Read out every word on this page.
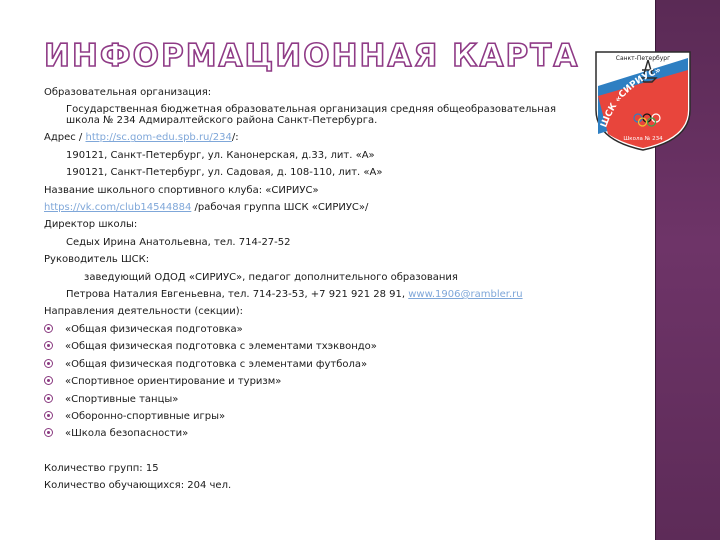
ИНФОРМАЦИОННАЯ КАРТА
Образовательная организация:
Государственная бюджетная образовательная организация средняя общеобразовательная
школа № 234 Адмиралтейского района Санкт-Петербурга.
Адрес / http://sc.gom-edu.spb.ru/234/:
190121, Санкт-Петербург, ул. Канонерская, д.33, лит. «А»
190121, Санкт-Петербург, ул. Садовая, д. 108-110, лит. «А»
Название школьного спортивного клуба: «СИРИУС»
https://vk.com/club14544884 /рабочая группа ШСК «СИРИУС»/
Директор школы:
Седых Ирина Анатольевна, тел. 714-27-52
Руководитель ШСК:
заведующий ОДОД «СИРИУС», педагог дополнительного образования
Петрова Наталия Евгеньевна, тел. 714-23-53, +7 921 921 28 91, www.1906@rambler.ru
Направления деятельности (секции):
«Общая физическая подготовка»
«Общая физическая подготовка с элементами тхэквондо»
«Общая физическая подготовка с элементами футбола»
«Спортивное ориентирование и туризм»
«Спортивные танцы»
«Оборонно-спортивные игры»
«Школа безопасности»
Количество групп: 15
Количество обучающихся: 204 чел.
Санкт-Петербург
ШСК «СИРИУС»
Школа № 234
